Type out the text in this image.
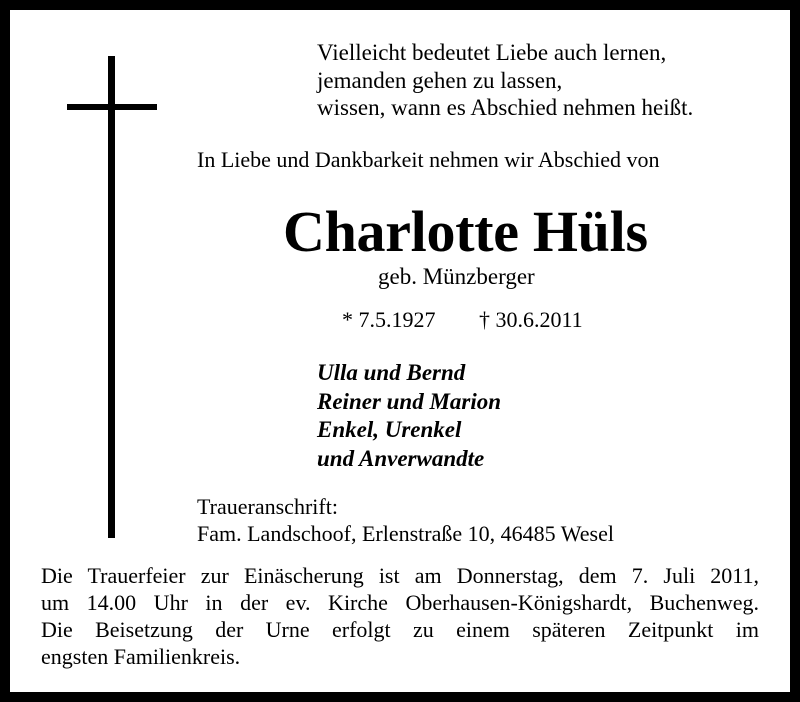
Vielleicht bedeutet Liebe auch lernen,
jemanden gehen zu lassen,
wissen, wann es Abschied nehmen heißt.
In Liebe und Dankbarkeit nehmen wir Abschied von
Charlotte Hüls
geb. Münzberger
* 7.5.1927 † 30.6.2011
Ulla und Bernd
Reiner und Marion
Enkel, Urenkel
und Anverwandte
Traueranschrift:
Fam. Landschoof, Erlenstraße 10, 46485 Wesel
Die Trauerfeier zur Einäscherung ist am Donnerstag, dem 7. Juli 2011,
um 14.00 Uhr in der ev. Kirche Oberhausen-Königshardt, Buchenweg.
Die Beisetzung der Urne erfolgt zu einem späteren Zeitpunkt im
engsten Familienkreis.
